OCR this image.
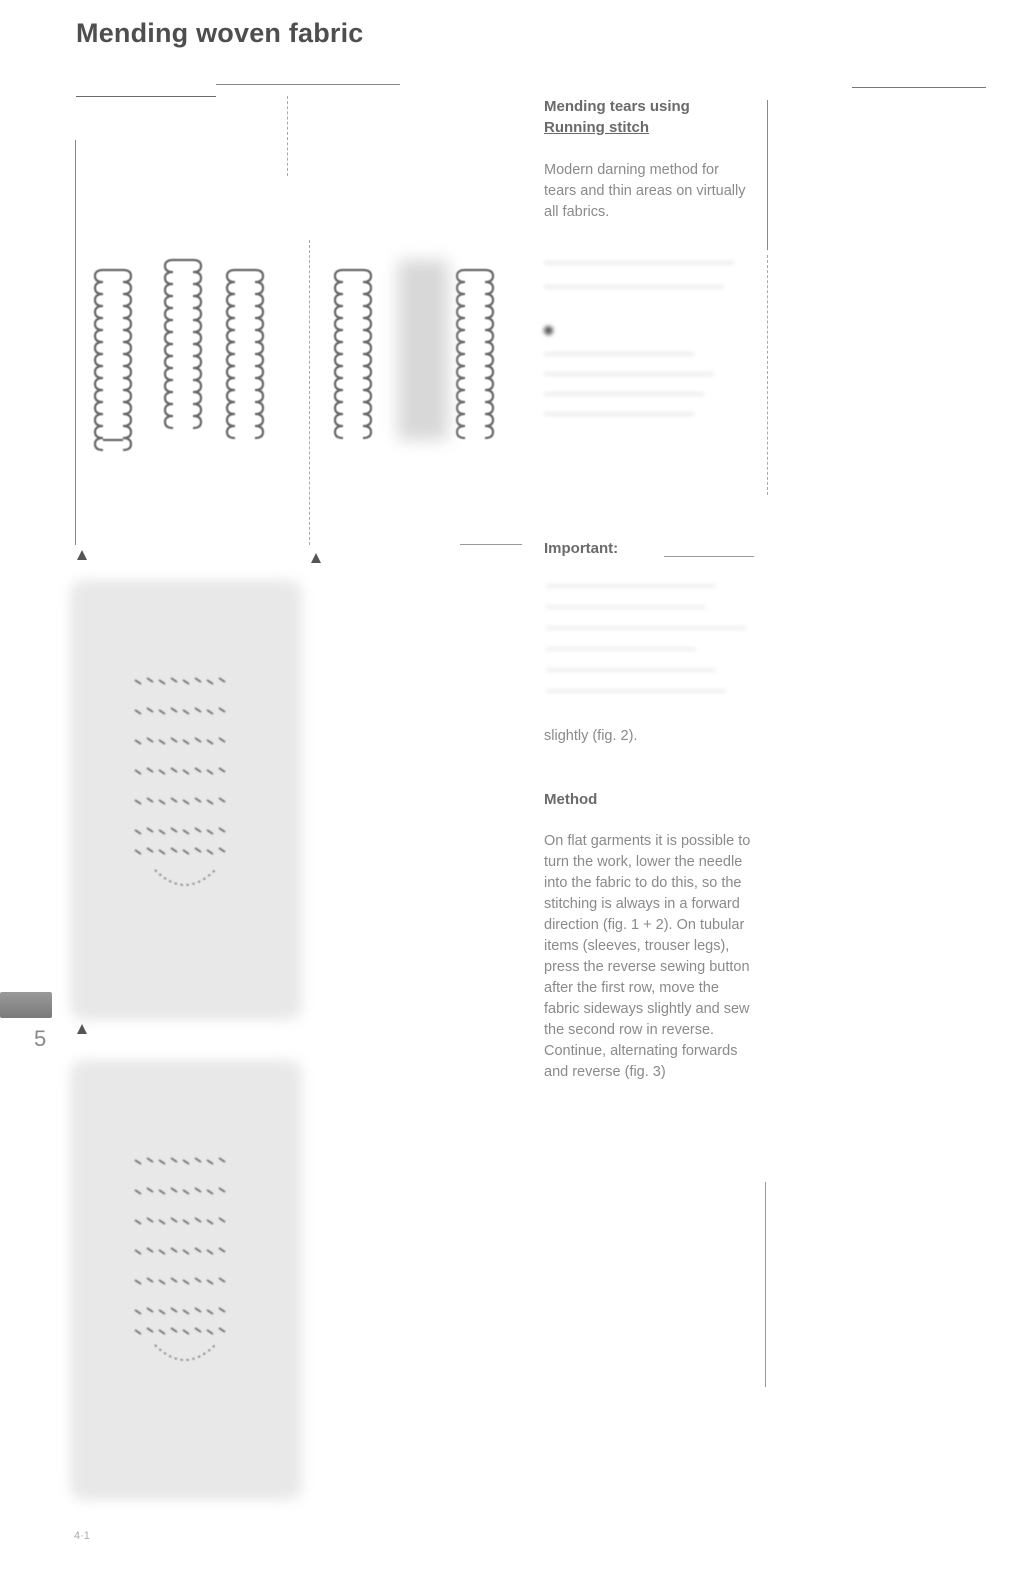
Mending woven fabric
5
Mending tears using
Running stitch
Modern darning method for tears and thin areas on virtually all fabrics.
Important:
slightly (fig. 2).
Method
On flat garments it is possible to turn the work, lower the needle into the fabric to do this, so the stitching is always in a forward direction (fig. 1 + 2). On tubular items (sleeves, trouser legs), press the reverse sewing button after the first row, move the fabric sideways slightly and sew the second row in reverse. Continue, alternating forwards and reverse (fig. 3)
4·1
